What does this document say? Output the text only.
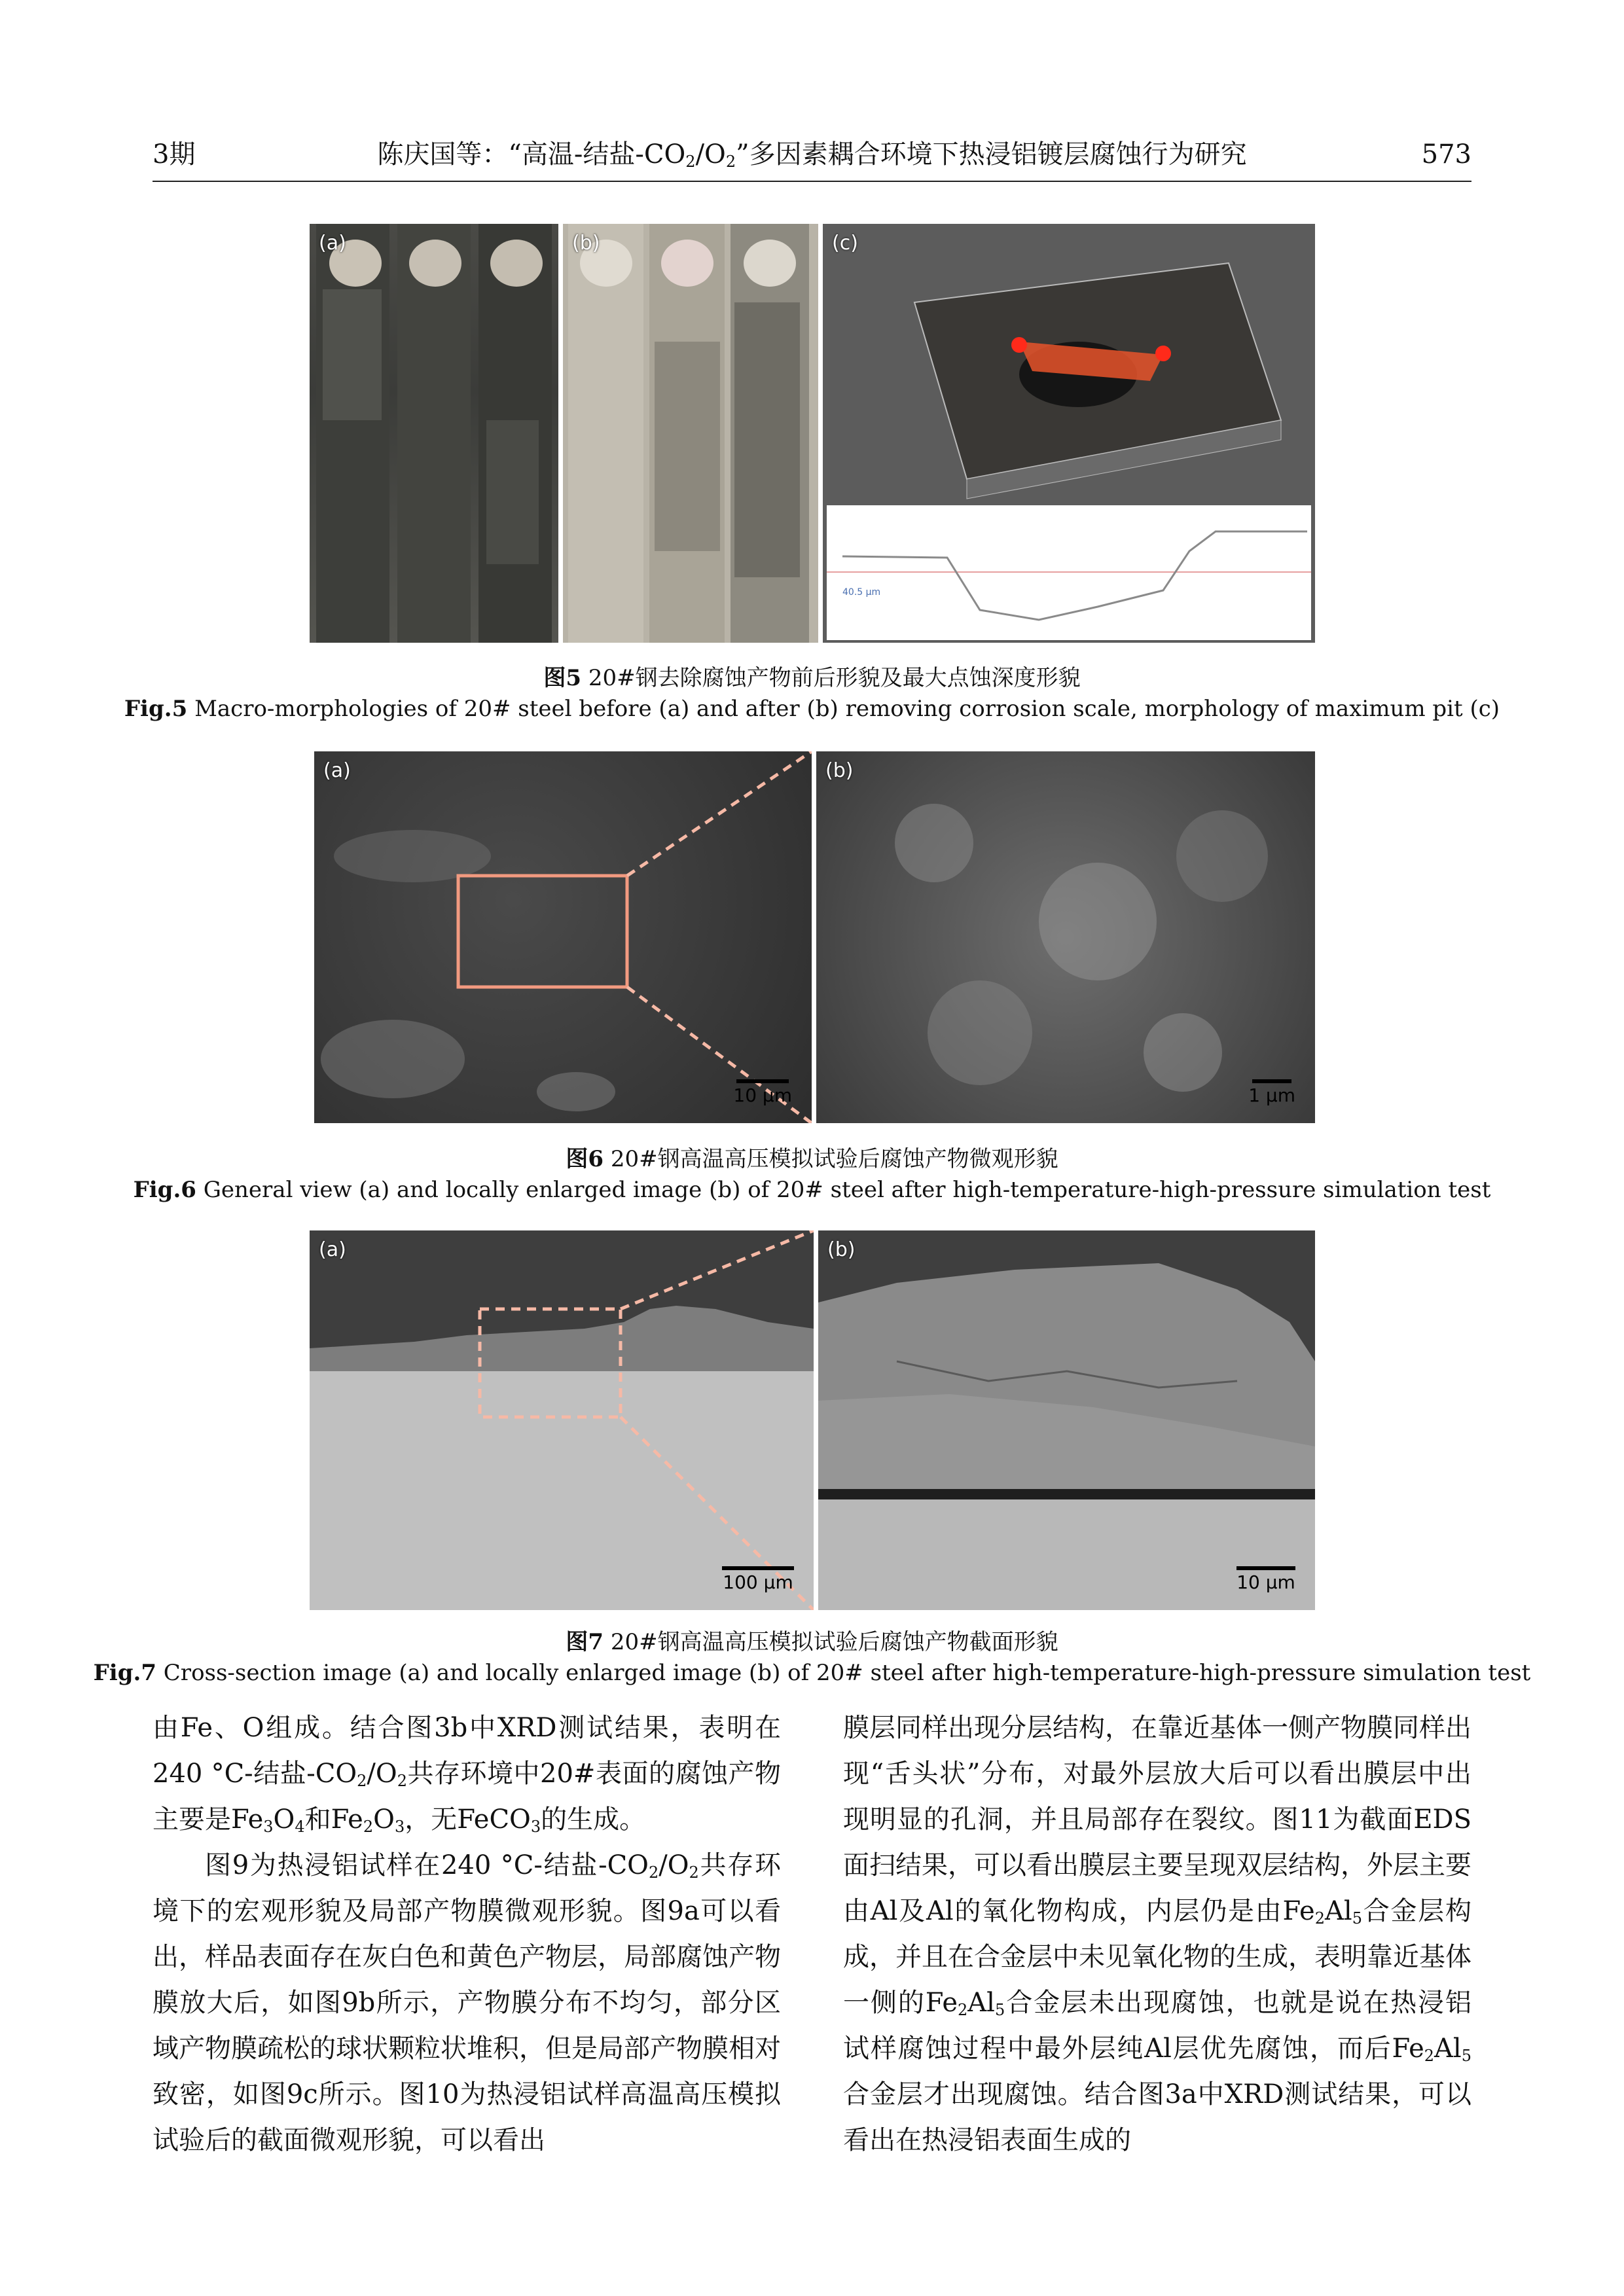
3期	陈庆国等：“高温-结盐$-CO_2/O_2$”多因素耦合环境下热浸铝镀层腐蚀行为研究	573
(a)	(b)	(c)
40.5 μm
图5 20#钢去除腐蚀产物前后形貌及最大点蚀深度形貌
Fig.5 Macro-morphologies of 20# steel before (a) and after (b) removing corrosion scale, morphology of maximum pit (c)
(a)
10 μm
(b)
1 μm
图6 20#钢高温高压模拟试验后腐蚀产物微观形貌
Fig.6 General view (a) and locally enlarged image (b) of 20# steel after high-temperature-high-pressure simulation test
(a)
100 μm
(b)
10 μm
图7 20#钢高温高压模拟试验后腐蚀产物截面形貌
Fig.7 Cross-section image (a) and locally enlarged image (b) of 20# steel after high-temperature-high-pressure simulation test

由Fe、O组成。结合图3b中XRD测试结果，表明在240 °C-结盐$-CO_2/O_2$共存环境中20#表面的腐蚀产物主要是$Fe_3O_4$和$Fe_2O_3$，无FeCO$_3$的生成。

图9为热浸铝试样在240 °C-结盐$-CO_2/O_2$共存环境下的宏观形貌及局部产物膜微观形貌。图9a可以看出，样品表面存在灰白色和黄色产物层，局部腐蚀产物膜放大后，如图9b所示，产物膜分布不均匀，部分区域产物膜疏松的球状颗粒状堆积，但是局部产物膜相对致密，如图9c所示。图10为热浸铝试样高温高压模拟试验后的截面微观形貌，可以看出

膜层同样出现分层结构，在靠近基体一侧产物膜同样出现“舌头状”分布，对最外层放大后可以看出膜层中出现明显的孔洞，并且局部存在裂纹。图11为截面EDS面扫结果，可以看出膜层主要呈现双层结构，外层主要由Al及Al的氧化物构成，内层仍是由$Fe_2Al_5$合金层构成，并且在合金层中未见氧化物的生成，表明靠近基体一侧的$Fe_2Al_5$合金层未出现腐蚀，也就是说在热浸铝试样腐蚀过程中最外层纯Al层优先腐蚀，而后$Fe_2Al_5$合金层才出现腐蚀。结合图3a中XRD测试结果，可以看出在热浸铝表面生成的
